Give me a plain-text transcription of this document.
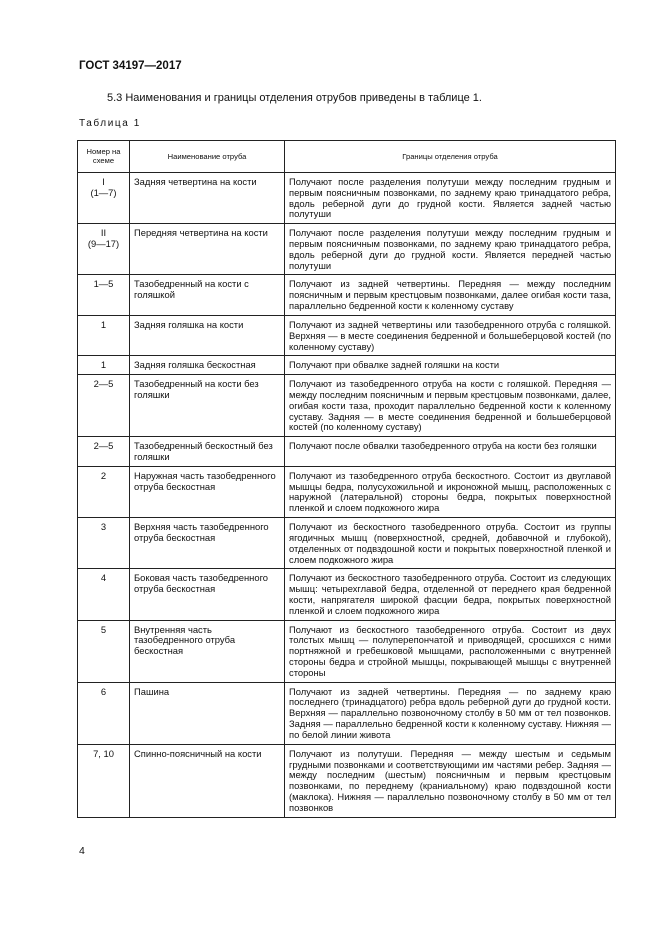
ГОСТ 34197—2017
5.3 Наименования и границы отделения отрубов приведены в таблице 1.
Таблица 1
Номер на схеме	Наименование отруба	Границы отделения отруба
I
(1—7)	Задняя четвертина на кости	Получают после разделения полутуши между последним грудным и первым поясничным позвонками, по заднему краю тринадцатого ребра, вдоль реберной дуги до грудной кости. Является задней частью полутуши
II
(9—17)	Передняя четвертина на кости	Получают после разделения полутуши между последним грудным и первым поясничным позвонками, по заднему краю тринадцатого ребра, вдоль реберной дуги до грудной кости. Является передней частью полутуши
1—5	Тазобедренный на кости с голяшкой	Получают из задней четвертины. Передняя — между последним поясничным и первым крестцовым позвонками, далее огибая кости таза, параллельно бедренной кости к коленному суставу
1	Задняя голяшка на кости	Получают из задней четвертины или тазобедренного отруба с голяшкой. Верхняя — в месте соединения бедренной и большеберцовой костей (по коленному суставу)
1	Задняя голяшка бескостная	Получают при обвалке задней голяшки на кости
2—5	Тазобедренный на кости без голяшки	Получают из тазобедренного отруба на кости с голяшкой. Передняя — между последним поясничным и первым крестцовым позвонками, далее, огибая кости таза, проходит параллельно бедренной кости к коленному суставу. Задняя — в месте соединения бедренной и большеберцовой костей (по коленному суставу)
2—5	Тазобедренный бескостный без голяшки	Получают после обвалки тазобедренного отруба на кости без голяшки
2	Наружная часть тазобедренного отруба бескостная	Получают из тазобедренного отруба бескостного. Состоит из двуглавой мышцы бедра, полусухожильной и икроножной мышц, расположенных с наружной (латеральной) стороны бедра, покрытых поверхностной пленкой и слоем подкожного жира
3	Верхняя часть тазобедренного отруба бескостная	Получают из бескостного тазобедренного отруба. Состоит из группы ягодичных мышц (поверхностной, средней, добавочной и глубокой), отделенных от подвздошной кости и покрытых поверхностной пленкой и слоем подкожного жира
4	Боковая часть тазобедренного отруба бескостная	Получают из бескостного тазобедренного отруба. Состоит из следующих мышц: четырехглавой бедра, отделенной от переднего края бедренной кости, напрягателя широкой фасции бедра, покрытых поверхностной пленкой и слоем подкожного жира
5	Внутренняя часть тазобедренного отруба бескостная	Получают из бескостного тазобедренного отруба. Состоит из двух толстых мышц — полуперепончатой и приводящей, сросшихся с ними портняжной и гребешковой мышцами, расположенными с внутренней стороны бедра и стройной мышцы, покрывающей мышцы с внутренней стороны
6	Пашина	Получают из задней четвертины. Передняя — по заднему краю последнего (тринадцатого) ребра вдоль реберной дуги до грудной кости. Верхняя — параллельно позвоночному столбу в 50 мм от тел позвонков. Задняя — параллельно бедренной кости к коленному суставу. Нижняя — по белой линии живота
7, 10	Спинно-поясничный на кости	Получают из полутуши. Передняя — между шестым и седьмым грудными позвонками и соответствующими им частями ребер. Задняя — между последним (шестым) поясничным и первым крестцовым позвонками, по переднему (краниальному) краю подвздошной кости (маклока). Нижняя — параллельно позвоночному столбу в 50 мм от тел позвонков
4
